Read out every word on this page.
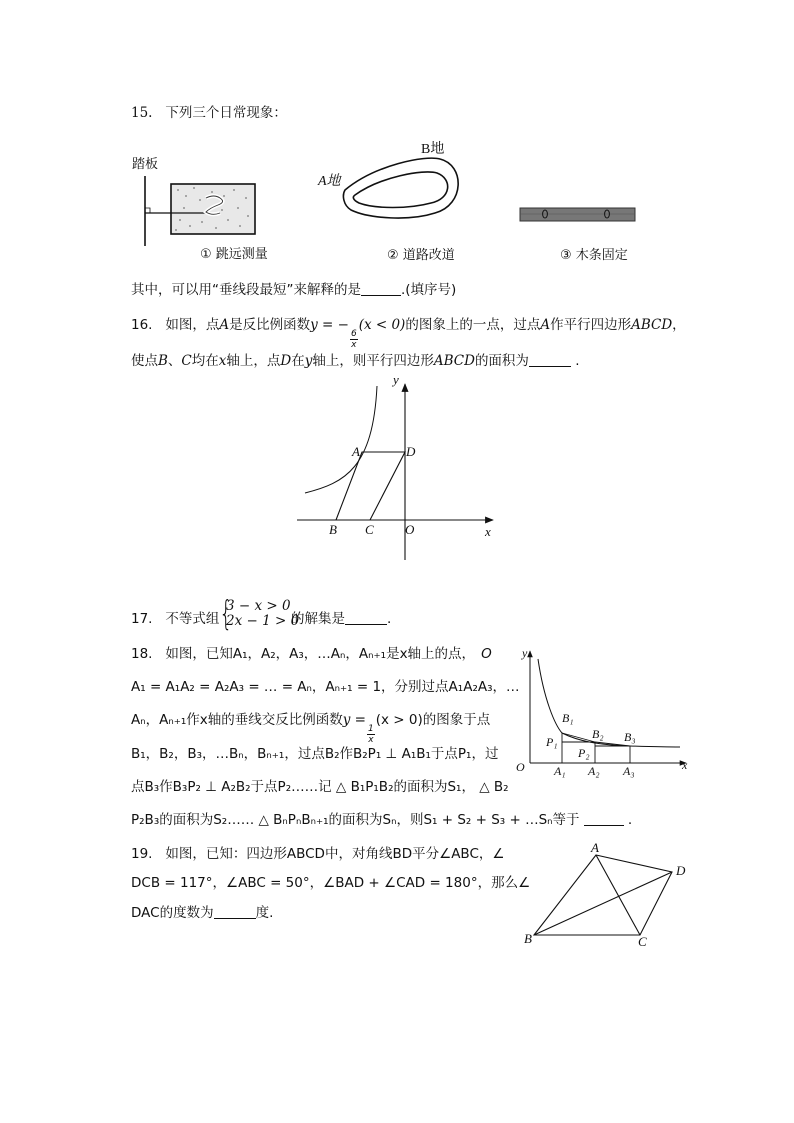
15. 下列三个日常现象：
踏板
① 跳远测量
A地
B地
② 道路改道	③ 木条固定
其中，可以用“垂线段最短”来解释的是	.(填序号)
16. 如图，点A是反比例函数y = −
$\frac{6}{x}$
(x < 0)的图象上的一点，过点A作平行四边形ABCD，
使点B、C均在x轴上，点D在y轴上，则平行四边形ABCD的面积为	.
y
x
A	D
B C O
17. 不等式组 {
3 − x > 0
2x − 1 > 0
的解集是	.
18. 如图，已知A₁，A₂，A₃，…Aₙ，Aₙ₊₁是x轴上的点， O
A₁ = A₁A₂ = A₂A₃ = … = Aₙ，Aₙ₊₁ = 1，分别过点A₁A₂A₃，…
Aₙ，Aₙ₊₁作x轴的垂线交反比例函数y =
$\frac{1}{x}$
(x > 0)的图象于点
B₁，B₂，B₃，…Bₙ，Bₙ₊₁，过点B₂作B₂P₁ ⊥ A₁B₁于点P₁，过
点B₃作B₃P₂ ⊥ A₂B₂于点P₂……记 △ B₁P₁B₂的面积为S₁， △ B₂
P₂B₃的面积为S₂…… △ BₙPₙBₙ₊₁的面积为Sₙ，则S₁ + S₂ + S₃ + …Sₙ等于	.
y
x
O
B₁
B₂ B₃
P₁
P₂
A₁ A₂ A₃
19. 如图，已知：四边形ABCD中，对角线BD平分∠ABC，∠
DCB = 117°，∠ABC = 50°，∠BAD + ∠CAD = 180°，那么∠
DAC的度数为	度.
A
D
B	C
